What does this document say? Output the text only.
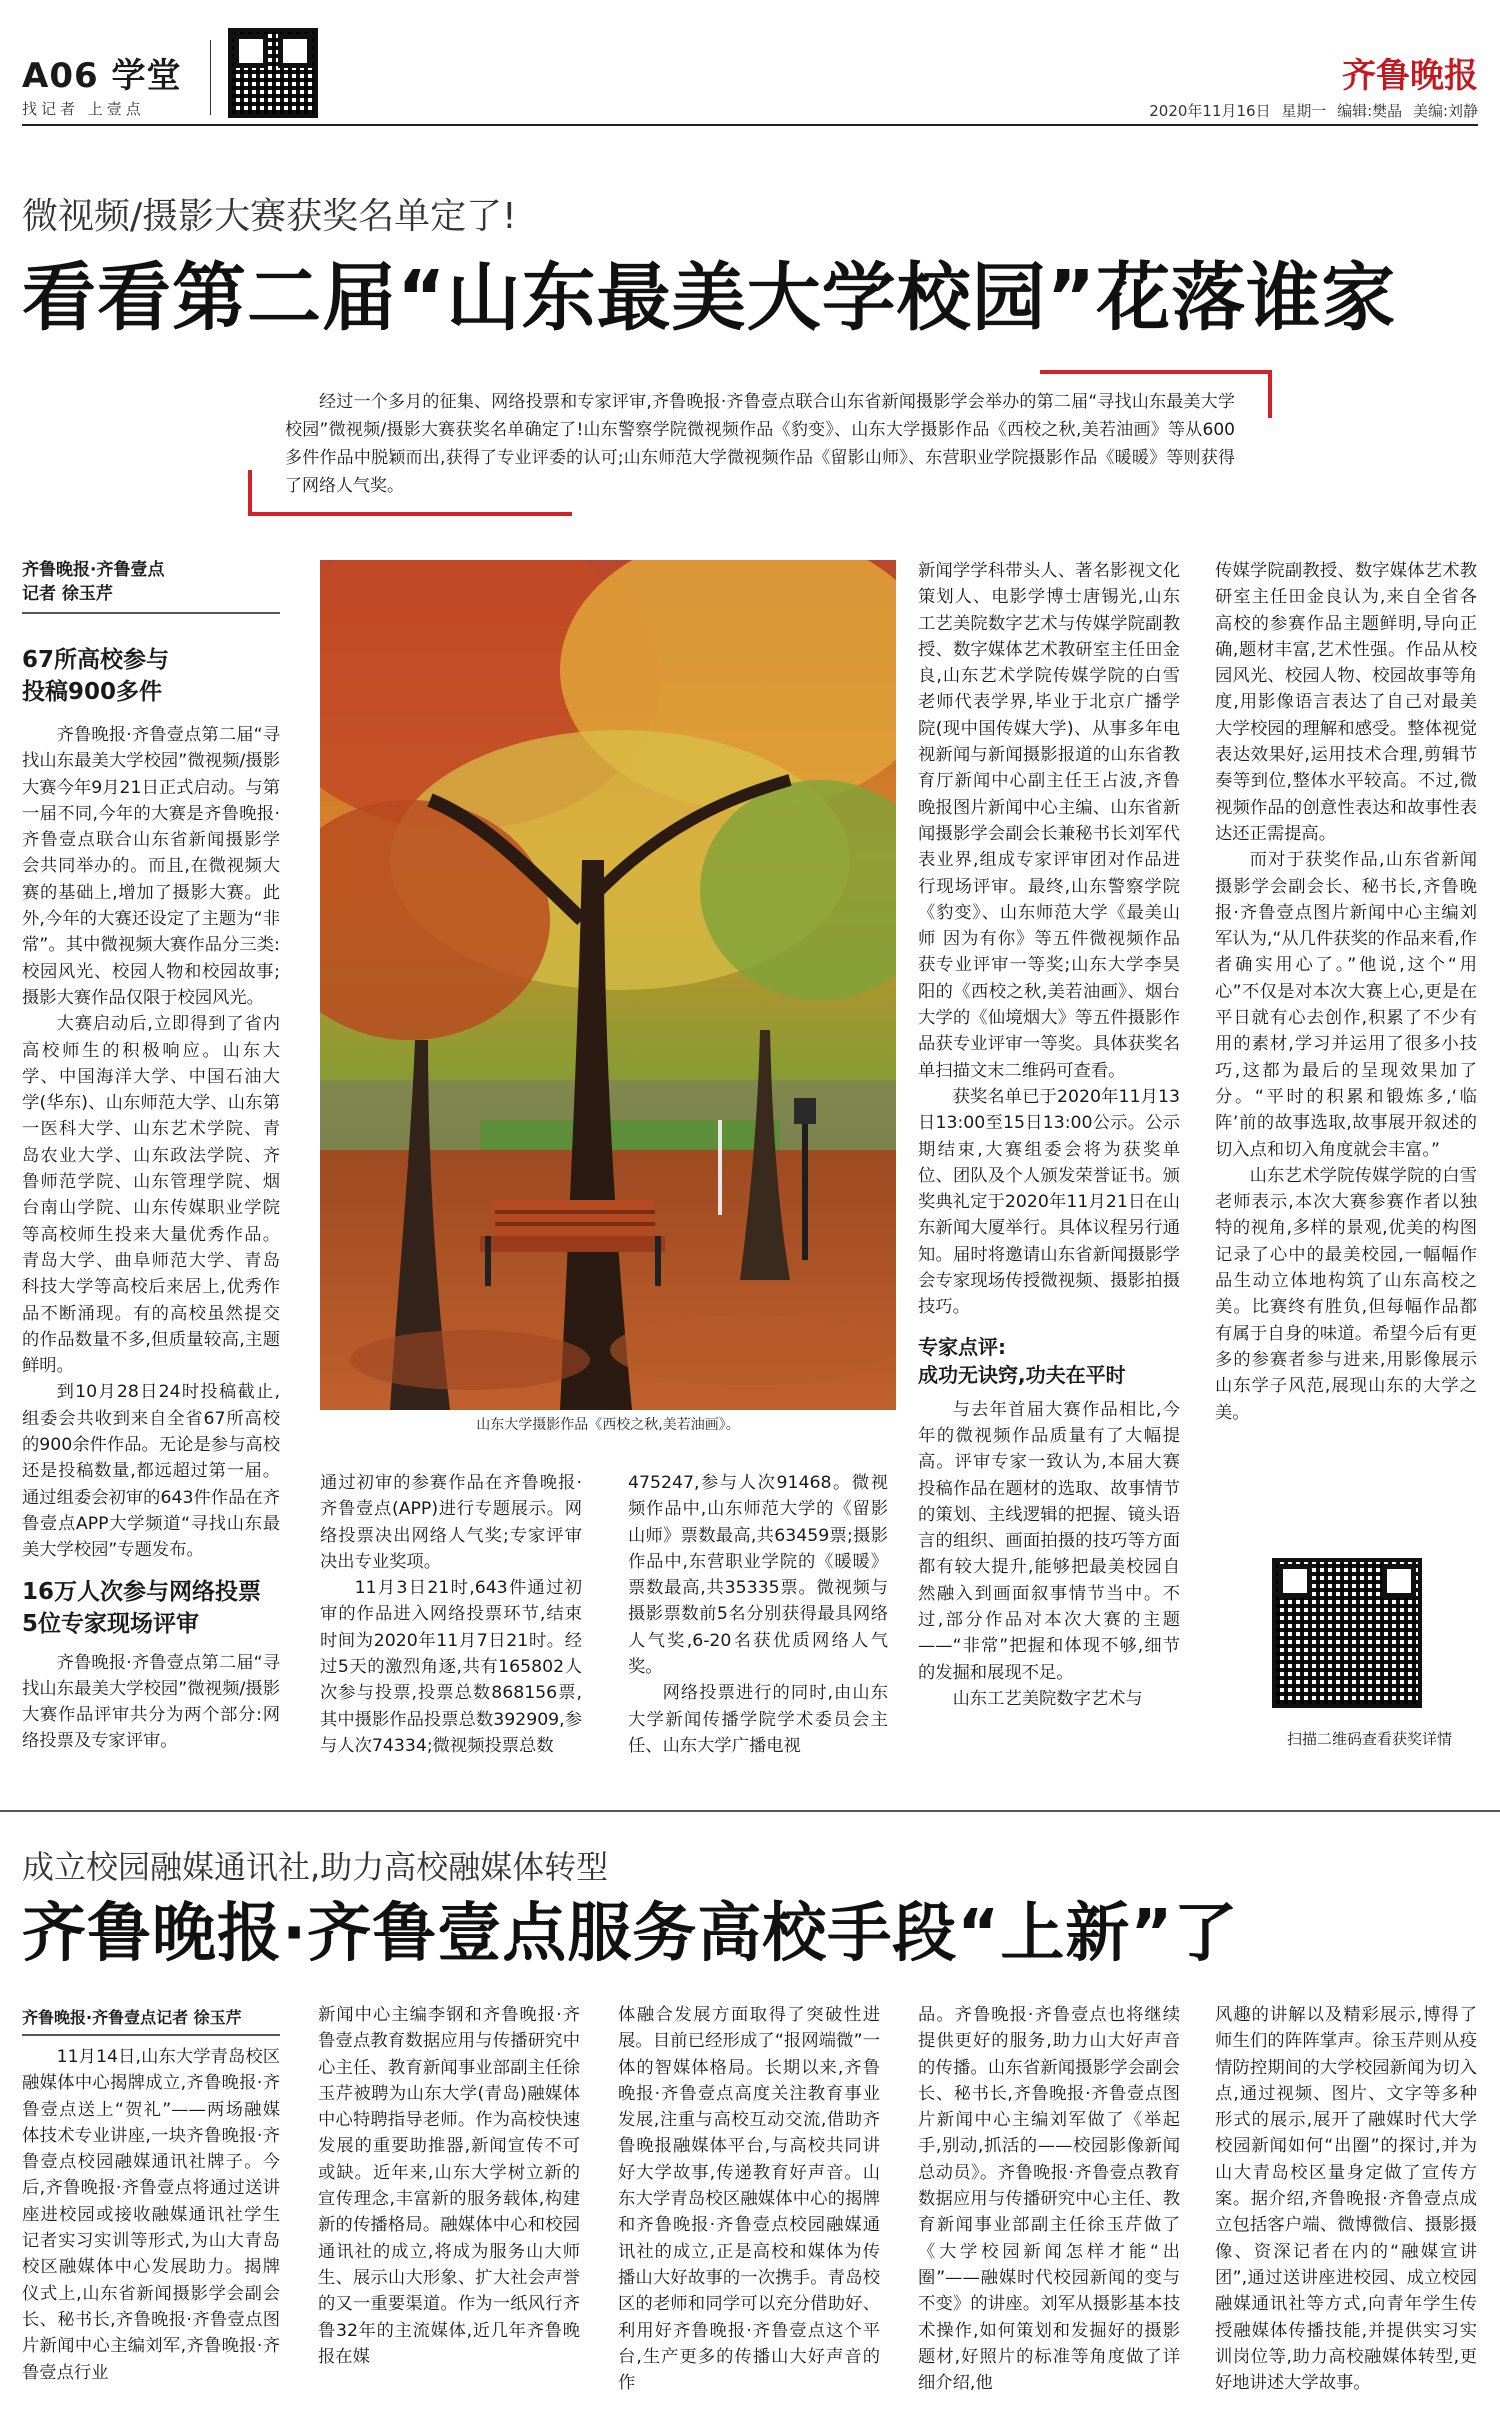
A06 学堂
找记者 上壹点
齐鲁晚报
2020年11月16日 星期一 编辑:樊晶 美编:刘静
微视频/摄影大赛获奖名单定了!
看看第二届“山东最美大学校园”花落谁家
经过一个多月的征集、网络投票和专家评审,齐鲁晚报·齐鲁壹点联合山东省新闻摄影学会举办的第二届“寻找山东最美大学校园”微视频/摄影大赛获奖名单确定了!山东警察学院微视频作品《豹变》、山东大学摄影作品《西校之秋,美若油画》等从600多件作品中脱颖而出,获得了专业评委的认可;山东师范大学微视频作品《留影山师》、东营职业学院摄影作品《暖暖》等则获得了网络人气奖。
齐鲁晚报·齐鲁壹点
记者 徐玉芹
67所高校参与
投稿900多件

齐鲁晚报·齐鲁壹点第二届“寻找山东最美大学校园”微视频/摄影大赛今年9月21日正式启动。与第一届不同,今年的大赛是齐鲁晚报·齐鲁壹点联合山东省新闻摄影学会共同举办的。而且,在微视频大赛的基础上,增加了摄影大赛。此外,今年的大赛还设定了主题为“非常”。其中微视频大赛作品分三类:校园风光、校园人物和校园故事;摄影大赛作品仅限于校园风光。

大赛启动后,立即得到了省内高校师生的积极响应。山东大学、中国海洋大学、中国石油大学(华东)、山东师范大学、山东第一医科大学、山东艺术学院、青岛农业大学、山东政法学院、齐鲁师范学院、山东管理学院、烟台南山学院、山东传媒职业学院等高校师生投来大量优秀作品。青岛大学、曲阜师范大学、青岛科技大学等高校后来居上,优秀作品不断涌现。有的高校虽然提交的作品数量不多,但质量较高,主题鲜明。

到10月28日24时投稿截止,组委会共收到来自全省67所高校的900余件作品。无论是参与高校还是投稿数量,都远超过第一届。通过组委会初审的643件作品在齐鲁壹点APP大学频道“寻找山东最美大学校园”专题发布。

16万人次参与网络投票
5位专家现场评审

齐鲁晚报·齐鲁壹点第二届“寻找山东最美大学校园”微视频/摄影大赛作品评审共分为两个部分:网络投票及专家评审。

山东大学摄影作品《西校之秋,美若油画》。

通过初审的参赛作品在齐鲁晚报·齐鲁壹点(APP)进行专题展示。网络投票决出网络人气奖;专家评审决出专业奖项。

11月3日21时,643件通过初审的作品进入网络投票环节,结束时间为2020年11月7日21时。经过5天的激烈角逐,共有165802人次参与投票,投票总数868156票,其中摄影作品投票总数392909,参与人次74334;微视频投票总数

475247,参与人次91468。微视频作品中,山东师范大学的《留影山师》票数最高,共63459票;摄影作品中,东营职业学院的《暖暖》票数最高,共35335票。微视频与摄影票数前5名分别获得最具网络人气奖,6-20名获优质网络人气奖。

网络投票进行的同时,由山东大学新闻传播学院学术委员会主任、山东大学广播电视

新闻学学科带头人、著名影视文化策划人、电影学博士唐锡光,山东工艺美院数字艺术与传媒学院副教授、数字媒体艺术教研室主任田金良,山东艺术学院传媒学院的白雪老师代表学界,毕业于北京广播学院(现中国传媒大学)、从事多年电视新闻与新闻摄影报道的山东省教育厅新闻中心副主任王占波,齐鲁晚报图片新闻中心主编、山东省新闻摄影学会副会长兼秘书长刘军代表业界,组成专家评审团对作品进行现场评审。最终,山东警察学院《豹变》、山东师范大学《最美山师 因为有你》等五件微视频作品获专业评审一等奖;山东大学李昊阳的《西校之秋,美若油画》、烟台大学的《仙境烟大》等五件摄影作品获专业评审一等奖。具体获奖名单扫描文末二维码可查看。

获奖名单已于2020年11月13日13:00至15日13:00公示。公示期结束,大赛组委会将为获奖单位、团队及个人颁发荣誉证书。颁奖典礼定于2020年11月21日在山东新闻大厦举行。具体议程另行通知。届时将邀请山东省新闻摄影学会专家现场传授微视频、摄影拍摄技巧。

专家点评:
成功无诀窍,功夫在平时

与去年首届大赛作品相比,今年的微视频作品质量有了大幅提高。评审专家一致认为,本届大赛投稿作品在题材的选取、故事情节的策划、主线逻辑的把握、镜头语言的组织、画面拍摄的技巧等方面都有较大提升,能够把最美校园自然融入到画面叙事情节当中。不过,部分作品对本次大赛的主题——“非常”把握和体现不够,细节的发掘和展现不足。

山东工艺美院数字艺术与

传媒学院副教授、数字媒体艺术教研室主任田金良认为,来自全省各高校的参赛作品主题鲜明,导向正确,题材丰富,艺术性强。作品从校园风光、校园人物、校园故事等角度,用影像语言表达了自己对最美大学校园的理解和感受。整体视觉表达效果好,运用技术合理,剪辑节奏等到位,整体水平较高。不过,微视频作品的创意性表达和故事性表达还正需提高。

而对于获奖作品,山东省新闻摄影学会副会长、秘书长,齐鲁晚报·齐鲁壹点图片新闻中心主编刘军认为,“从几件获奖的作品来看,作者确实用心了。”他说,这个“用心”不仅是对本次大赛上心,更是在平日就有心去创作,积累了不少有用的素材,学习并运用了很多小技巧,这都为最后的呈现效果加了分。“平时的积累和锻炼多,‘临阵’前的故事选取,故事展开叙述的切入点和切入角度就会丰富。”

山东艺术学院传媒学院的白雪老师表示,本次大赛参赛作者以独特的视角,多样的景观,优美的构图记录了心中的最美校园,一幅幅作品生动立体地构筑了山东高校之美。比赛终有胜负,但每幅作品都有属于自身的味道。希望今后有更多的参赛者参与进来,用影像展示山东学子风范,展现山东的大学之美。

扫描二维码查看获奖详情
成立校园融媒通讯社,助力高校融媒体转型
齐鲁晚报·齐鲁壹点服务高校手段“上新”了
齐鲁晚报·齐鲁壹点记者 徐玉芹

11月14日,山东大学青岛校区融媒体中心揭牌成立,齐鲁晚报·齐鲁壹点送上“贺礼”——两场融媒体技术专业讲座,一块齐鲁晚报·齐鲁壹点校园融媒通讯社牌子。今后,齐鲁晚报·齐鲁壹点将通过送讲座进校园或接收融媒通讯社学生记者实习实训等形式,为山大青岛校区融媒体中心发展助力。揭牌仪式上,山东省新闻摄影学会副会长、秘书长,齐鲁晚报·齐鲁壹点图片新闻中心主编刘军,齐鲁晚报·齐鲁壹点行业

新闻中心主编李钢和齐鲁晚报·齐鲁壹点教育数据应用与传播研究中心主任、教育新闻事业部副主任徐玉芹被聘为山东大学(青岛)融媒体中心特聘指导老师。作为高校快速发展的重要助推器,新闻宣传不可或缺。近年来,山东大学树立新的宣传理念,丰富新的服务载体,构建新的传播格局。融媒体中心和校园通讯社的成立,将成为服务山大师生、展示山大形象、扩大社会声誉的又一重要渠道。作为一纸风行齐鲁32年的主流媒体,近几年齐鲁晚报在媒

体融合发展方面取得了突破性进展。目前已经形成了“报网端微”一体的智媒体格局。长期以来,齐鲁晚报·齐鲁壹点高度关注教育事业发展,注重与高校互动交流,借助齐鲁晚报融媒体平台,与高校共同讲好大学故事,传递教育好声音。山东大学青岛校区融媒体中心的揭牌和齐鲁晚报·齐鲁壹点校园融媒通讯社的成立,正是高校和媒体为传播山大好故事的一次携手。青岛校区的老师和同学可以充分借助好、利用好齐鲁晚报·齐鲁壹点这个平台,生产更多的传播山大好声音的作

品。齐鲁晚报·齐鲁壹点也将继续提供更好的服务,助力山大好声音的传播。山东省新闻摄影学会副会长、秘书长,齐鲁晚报·齐鲁壹点图片新闻中心主编刘军做了《举起手,别动,抓活的——校园影像新闻总动员》。齐鲁晚报·齐鲁壹点教育数据应用与传播研究中心主任、教育新闻事业部副主任徐玉芹做了《大学校园新闻怎样才能“出圈”——融媒时代校园新闻的变与不变》的讲座。刘军从摄影基本技术操作,如何策划和发掘好的摄影题材,好照片的标准等角度做了详细介绍,他

风趣的讲解以及精彩展示,博得了师生们的阵阵掌声。徐玉芹则从疫情防控期间的大学校园新闻为切入点,通过视频、图片、文字等多种形式的展示,展开了融媒时代大学校园新闻如何“出圈”的探讨,并为山大青岛校区量身定做了宣传方案。据介绍,齐鲁晚报·齐鲁壹点成立包括客户端、微博微信、摄影摄像、资深记者在内的“融媒宣讲团”,通过送讲座进校园、成立校园融媒通讯社等方式,向青年学生传授融媒体传播技能,并提供实习实训岗位等,助力高校融媒体转型,更好地讲述大学故事。
